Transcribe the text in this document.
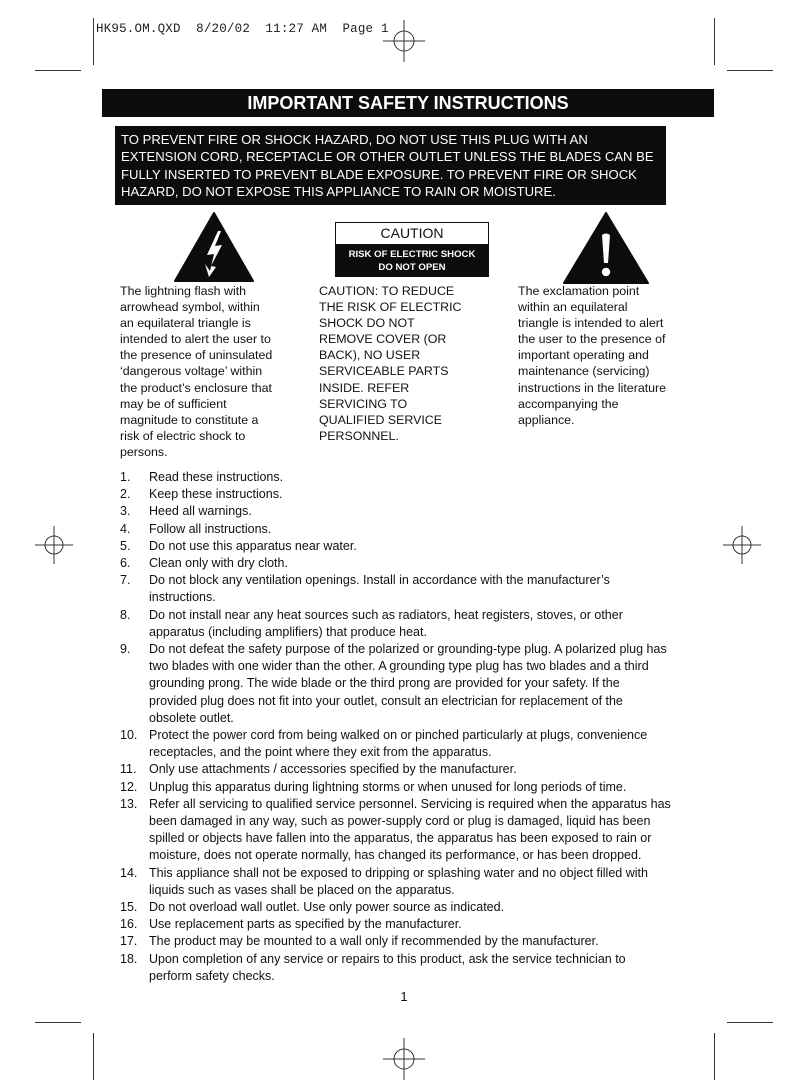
HK95.OM.QXD  8/20/02  11:27 AM  Page 1
IMPORTANT SAFETY INSTRUCTIONS
TO PREVENT FIRE OR SHOCK HAZARD, DO NOT USE THIS PLUG WITH AN EXTENSION CORD, RECEPTACLE OR OTHER OUTLET UNLESS THE BLADES CAN BE FULLY INSERTED TO PREVENT BLADE EXPOSURE. TO PREVENT FIRE OR SHOCK HAZARD, DO NOT EXPOSE THIS APPLIANCE TO RAIN OR MOISTURE.
CAUTION
RISK OF ELECTRIC SHOCK
DO NOT OPEN
The lightning flash with
arrowhead symbol, within
an equilateral triangle is
intended to alert the user to
the presence of uninsulated
‘dangerous voltage’ within
the product’s enclosure that
may be of sufficient
magnitude to constitute a
risk of electric shock to
persons.
CAUTION: TO REDUCE
THE RISK OF ELECTRIC
SHOCK DO NOT
REMOVE COVER (OR
BACK), NO USER
SERVICEABLE PARTS
INSIDE. REFER
SERVICING TO
QUALIFIED SERVICE
PERSONNEL.
The exclamation point
within an equilateral
triangle is intended to alert
the user to the presence of
important operating and
maintenance (servicing)
instructions in the literature
accompanying the
appliance.
1.	Read these instructions.
2.	Keep these instructions.
3.	Heed all warnings.
4.	Follow all instructions.
5.	Do not use this apparatus near water.
6.	Clean only with dry cloth.
7.	Do not block any ventilation openings. Install in accordance with the manufacturer’s
instructions.
8.	Do not install near any heat sources such as radiators, heat registers, stoves, or other
apparatus (including amplifiers) that produce heat.
9.	Do not defeat the safety purpose of the polarized or grounding-type plug. A polarized plug has
two blades with one wider than the other. A grounding type plug has two blades and a third
grounding prong. The wide blade or the third prong are provided for your safety. If the
provided plug does not fit into your outlet, consult an electrician for replacement of the
obsolete outlet.
10. Protect the power cord from being walked on or pinched particularly at plugs, convenience
receptacles, and the point where they exit from the apparatus.
11.	Only use attachments / accessories specified by the manufacturer.
12. Unplug this apparatus during lightning storms or when unused for long periods of time.
13. Refer all servicing to qualified service personnel. Servicing is required when the apparatus has
been damaged in any way, such as power-supply cord or plug is damaged, liquid has been
spilled or objects have fallen into the apparatus, the apparatus has been exposed to rain or
moisture, does not operate normally, has changed its performance, or has been dropped.
14. This appliance shall not be exposed to dripping or splashing water and no object filled with
liquids such as vases shall be placed on the apparatus.
15. Do not overload wall outlet. Use only power source as indicated.
16. Use replacement parts as specified by the manufacturer.
17. The product may be mounted to a wall only if recommended by the manufacturer.
18. Upon completion of any service or repairs to this product, ask the service technician to
perform safety checks.
1
